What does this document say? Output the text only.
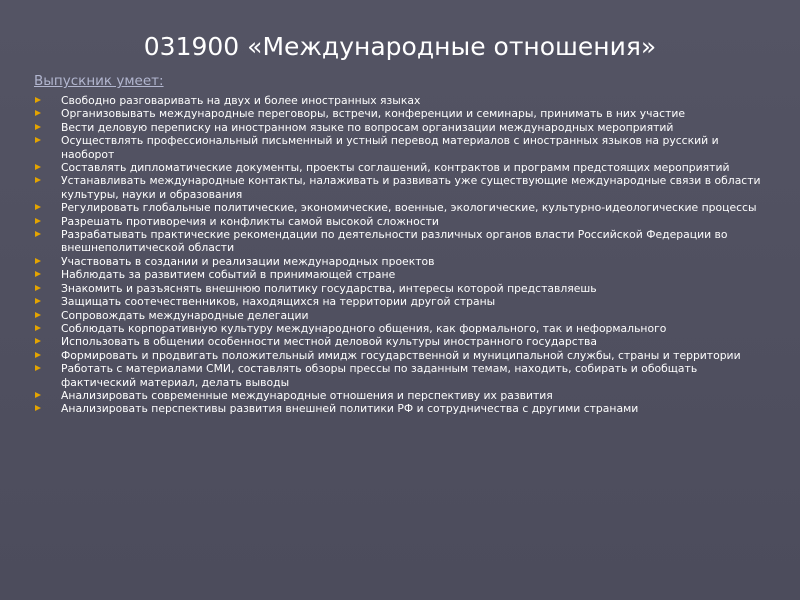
031900 «Международные отношения»
Выпускник умеет:
Свободно разговаривать на двух и более иностранных языках
Организовывать международные переговоры, встречи, конференции и семинары, принимать в них участие
Вести деловую переписку на иностранном языке по вопросам организации международных мероприятий
Осуществлять профессиональный письменный и устный перевод материалов с иностранных языков на русский и наоборот
Составлять дипломатические документы, проекты соглашений, контрактов и программ предстоящих мероприятий
Устанавливать международные контакты, налаживать и развивать уже существующие международные связи в области культуры, науки и образования
Регулировать глобальные политические, экономические, военные, экологические, культурно-идеологические процессы
Разрешать противоречия и конфликты самой высокой сложности
Разрабатывать практические рекомендации по деятельности различных органов власти Российской Федерации во внешнеполитической области
Участвовать в создании и реализации международных проектов
Наблюдать за развитием событий в принимающей стране
Знакомить и разъяснять внешнюю политику государства, интересы которой представляешь
Защищать соотечественников, находящихся на территории другой страны
Сопровождать международные делегации
Соблюдать корпоративную культуру международного общения, как формального, так и неформального
Использовать в общении особенности местной деловой культуры иностранного государства
Формировать и продвигать положительный имидж государственной и муниципальной службы, страны и территории
Работать с материалами СМИ, составлять обзоры прессы по заданным темам, находить, собирать и обобщать фактический материал, делать выводы
Анализировать современные международные отношения и перспективу их развития
Анализировать перспективы развития внешней политики РФ и сотрудничества с другими странами
